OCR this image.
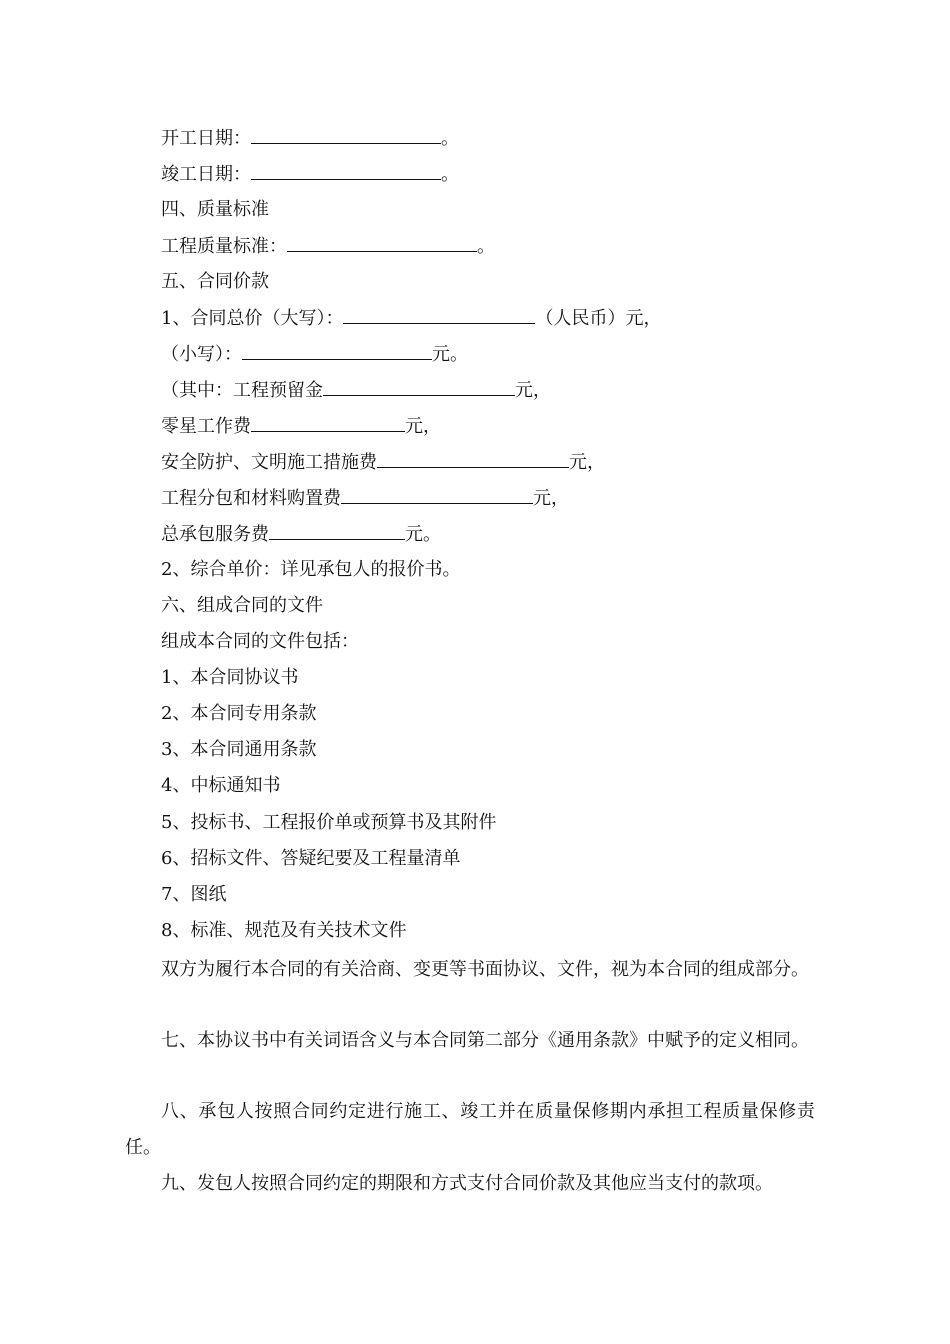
开工日期：	。
竣工日期：	。
四、质量标准
工程质量标准：	。
五、合同价款
1、合同总价（大写）：	（人民币）元，
（小写）：	元。
（其中：工程预留金	元，
零星工作费	元，
安全防护、文明施工措施费	元，
工程分包和材料购置费	元，
总承包服务费	元。
2、综合单价：详见承包人的报价书。
六、组成合同的文件
组成本合同的文件包括：
1、本合同协议书
2、本合同专用条款
3、本合同通用条款
4、中标通知书
5、投标书、工程报价单或预算书及其附件
6、招标文件、答疑纪要及工程量清单
7、图纸
8、标准、规范及有关技术文件
双方为履行本合同的有关洽商、变更等书面协议、文件，视为本合同的组成部分。
七、本协议书中有关词语含义与本合同第二部分《通用条款》中赋予的定义相同。
八、承包人按照合同约定进行施工、竣工并在质量保修期内承担工程质量保修责任。
九、发包人按照合同约定的期限和方式支付合同价款及其他应当支付的款项。
